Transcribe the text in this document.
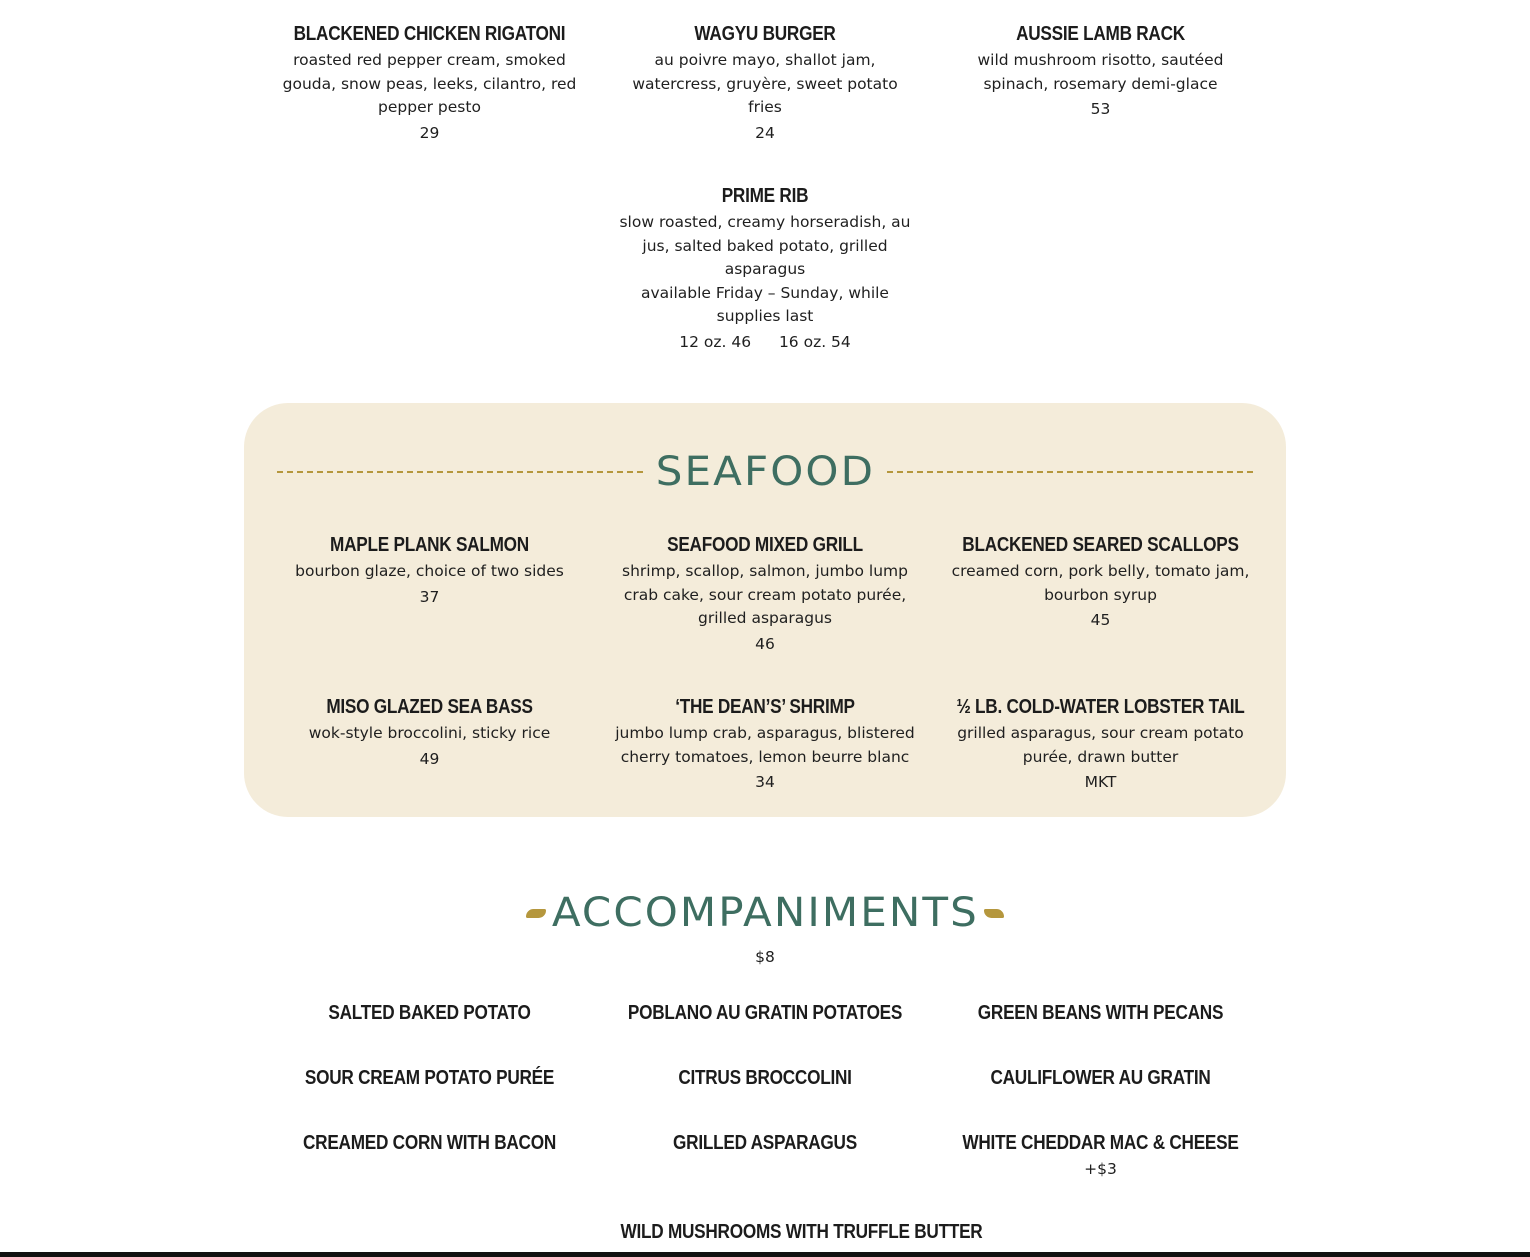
BLACKENED CHICKEN RIGATONI
roasted red pepper cream, smoked gouda, snow peas, leeks, cilantro, red pepper pesto
29
WAGYU BURGER
au poivre mayo, shallot jam, watercress, gruyère, sweet potato fries
24
AUSSIE LAMB RACK
wild mushroom risotto, sautéed spinach, rosemary demi-glace
53
PRIME RIB
slow roasted, creamy horseradish, au jus, salted baked potato, grilled asparagus
available Friday – Sunday, while supplies last
12 oz. 46 16 oz. 54
SEAFOOD
MAPLE PLANK SALMON
bourbon glaze, choice of two sides
37
SEAFOOD MIXED GRILL
shrimp, scallop, salmon, jumbo lump crab cake, sour cream potato purée, grilled asparagus
46
BLACKENED SEARED SCALLOPS
creamed corn, pork belly, tomato jam, bourbon syrup
45
MISO GLAZED SEA BASS
wok-style broccolini, sticky rice
49
‘THE DEAN’S’ SHRIMP
jumbo lump crab, asparagus, blistered cherry tomatoes, lemon beurre blanc
34
½ LB. COLD-WATER LOBSTER TAIL
grilled asparagus, sour cream potato purée, drawn butter
MKT
ACCOMPANIMENTS
$8
SALTED BAKED POTATO	POBLANO AU GRATIN POTATOES	GREEN BEANS WITH PECANS
SOUR CREAM POTATO PURÉE	CITRUS BROCCOLINI	CAULIFLOWER AU GRATIN
CREAMED CORN WITH BACON	GRILLED ASPARAGUS	WHITE CHEDDAR MAC & CHEESE
+$3
WILD MUSHROOMS WITH TRUFFLE BUTTER
